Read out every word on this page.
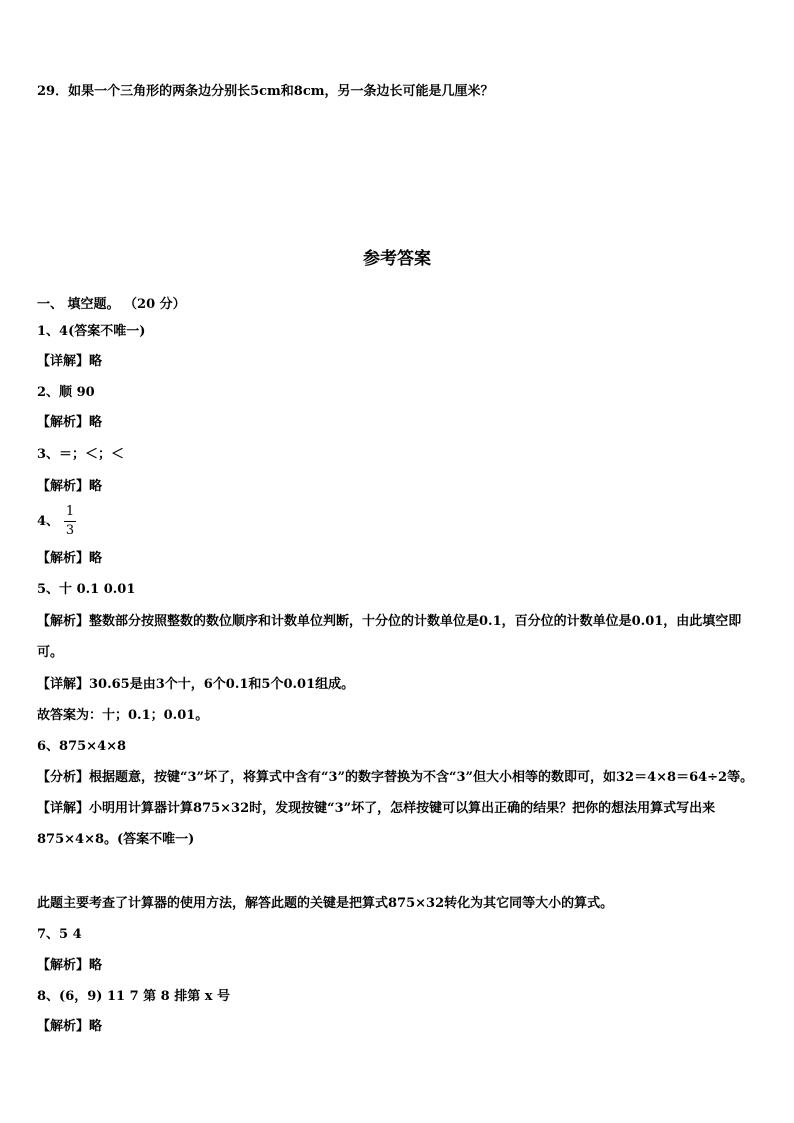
29．如果一个三角形的两条边分别长5cm和8cm，另一条边长可能是几厘米？
参考答案
一、 填空题。 （20 分）
1、4(答案不唯一)
【详解】略
2、顺 90
【解析】略
3、＝；＜；＜
【解析】略
4、
1
3
【解析】略
5、十 0.1 0.01
【解析】整数部分按照整数的数位顺序和计数单位判断，十分位的计数单位是0.1，百分位的计数单位是0.01，由此填空即可。
【详解】30.65是由3个十，6个0.1和5个0.01组成。
故答案为：十；0.1；0.01。
6、875×4×8
【分析】根据题意，按键“3”坏了，将算式中含有“3”的数字替换为不含“3”但大小相等的数即可，如32＝4×8＝64÷2等。
【详解】小明用计算器计算875×32时，发现按键“3”坏了，怎样按键可以算出正确的结果？把你的想法用算式写出来875×4×8。(答案不唯一)
此题主要考查了计算器的使用方法，解答此题的关键是把算式875×32转化为其它同等大小的算式。
7、5 4
【解析】略
8、(6，9) 11 7 第 8 排第 x 号
【解析】略
